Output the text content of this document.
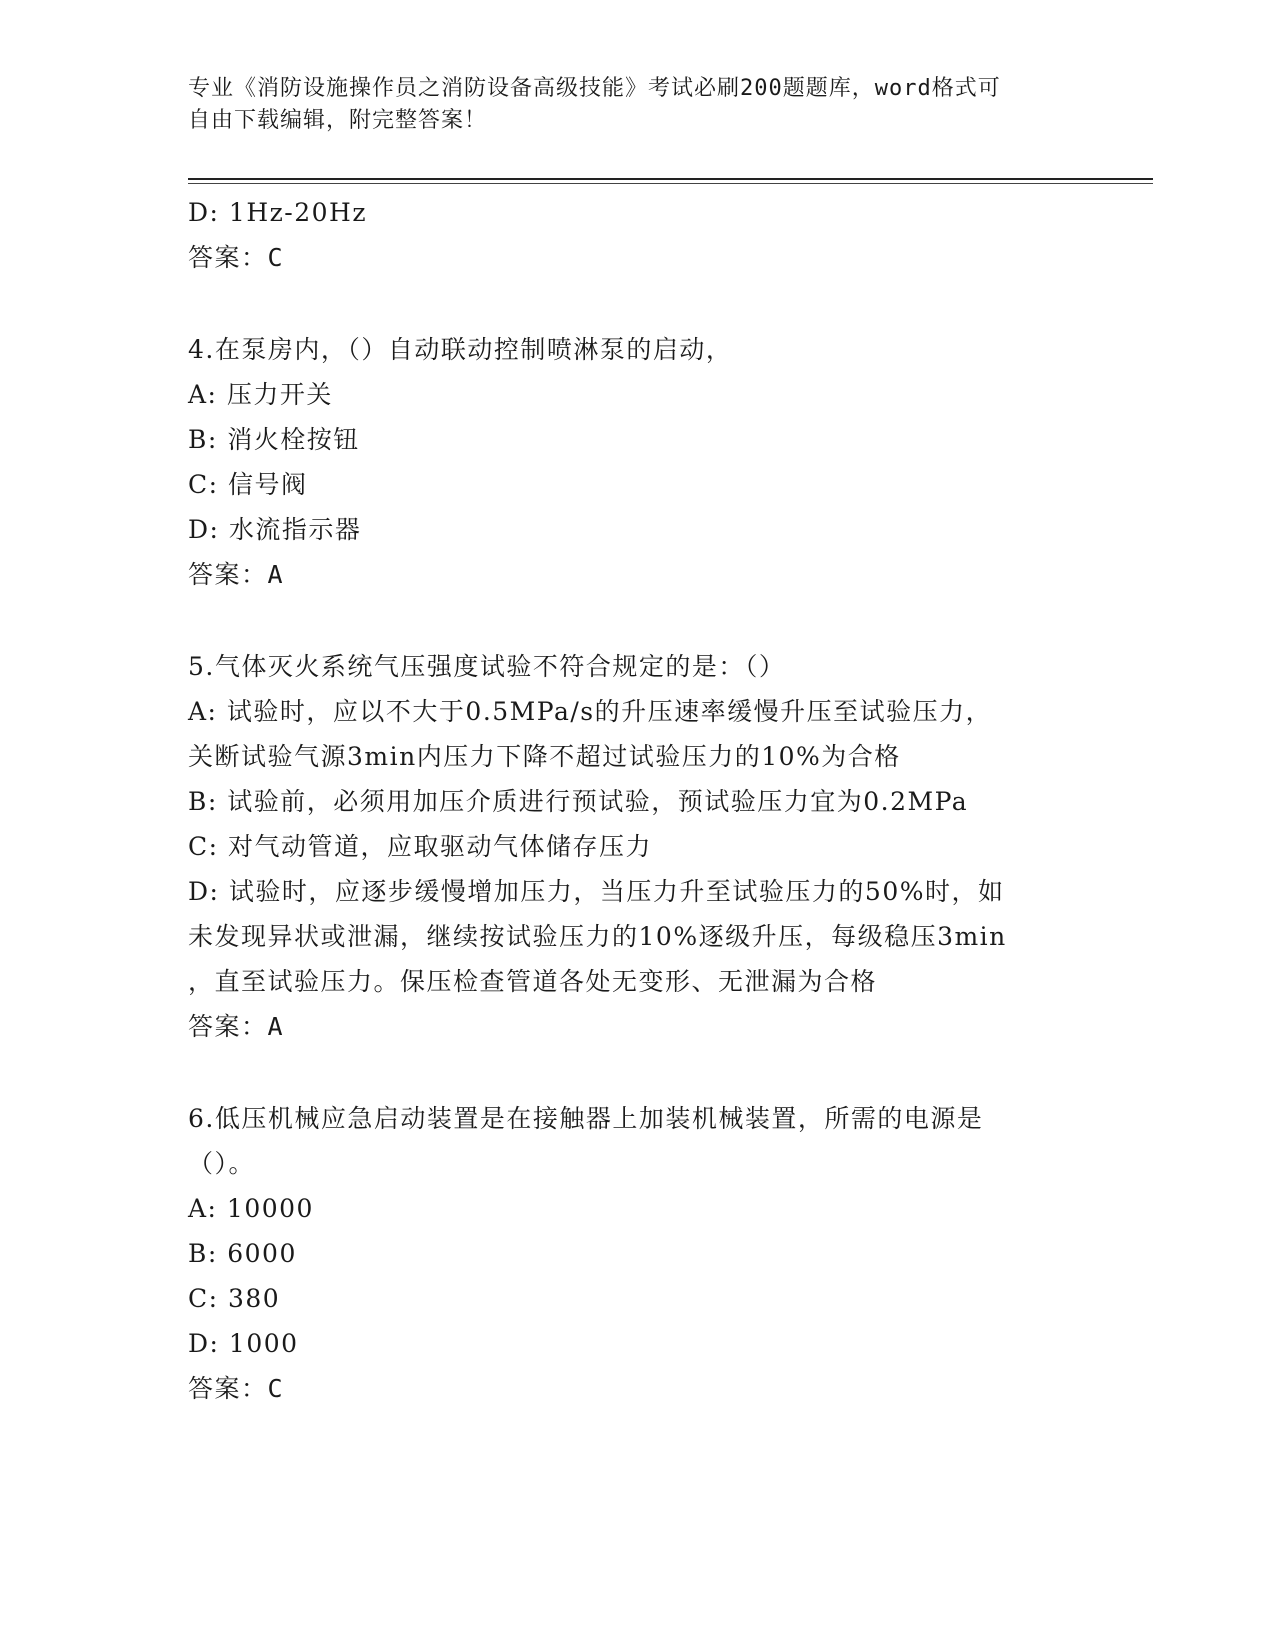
专业《消防设施操作员之消防设备高级技能》考试必刷200题题库，word格式可
自由下载编辑，附完整答案！
D: 1Hz-20Hz
答案：C
4.在泵房内，（）自动联动控制喷淋泵的启动，
A: 压力开关
B: 消火栓按钮
C: 信号阀
D: 水流指示器
答案：A
5.气体灭火系统气压强度试验不符合规定的是：（）
A: 试验时，应以不大于0.5MPa/s的升压速率缓慢升压至试验压力，
关断试验气源3min内压力下降不超过试验压力的10%为合格
B: 试验前，必须用加压介质进行预试验，预试验压力宜为0.2MPa
C: 对气动管道，应取驱动气体储存压力
D: 试验时，应逐步缓慢增加压力，当压力升至试验压力的50%时，如
未发现异状或泄漏，继续按试验压力的10%逐级升压，每级稳压3min
，直至试验压力。保压检查管道各处无变形、无泄漏为合格
答案：A
6.低压机械应急启动装置是在接触器上加装机械装置，所需的电源是
（）。
A: 10000
B: 6000
C: 380
D: 1000
答案：C
